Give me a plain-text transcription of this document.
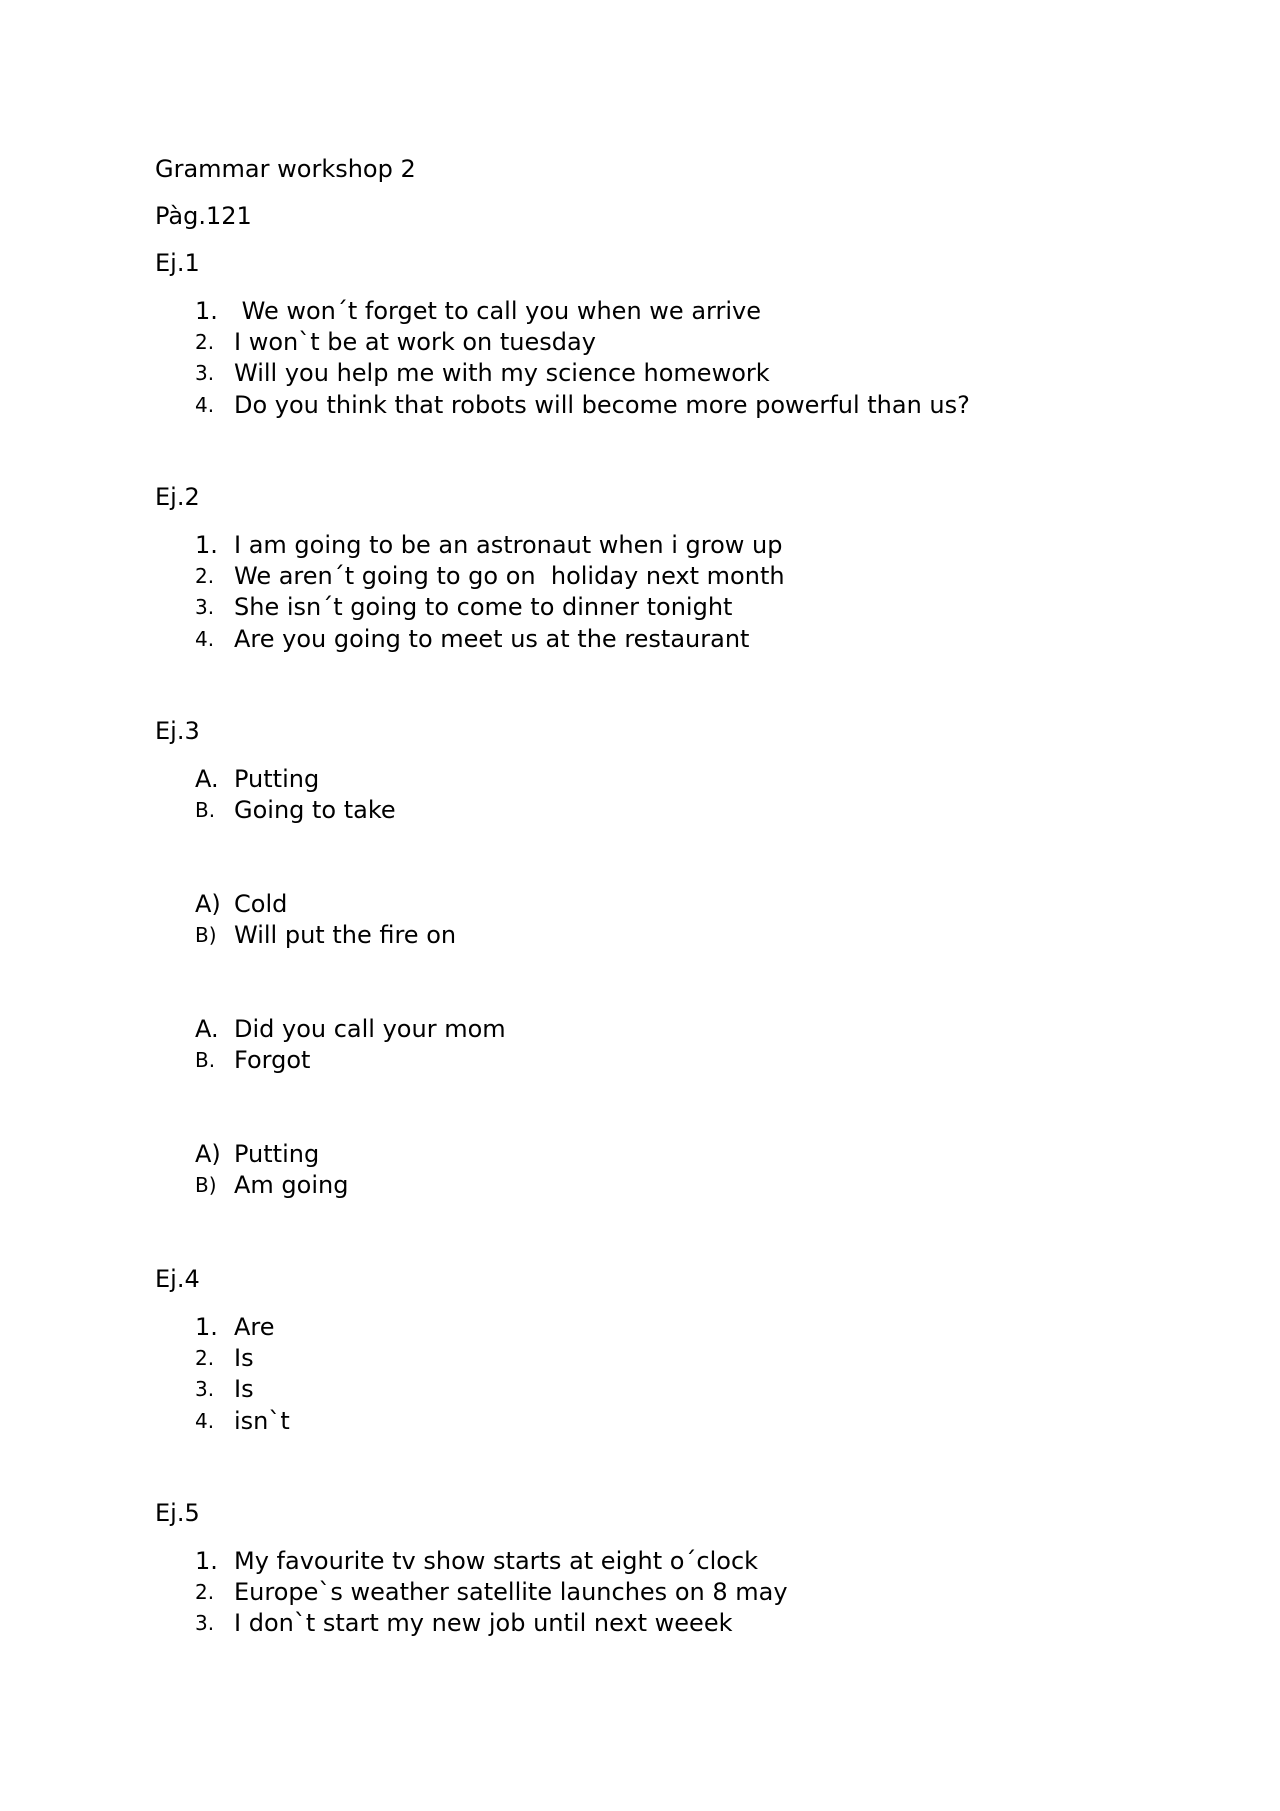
Grammar workshop 2
Pàg.121
Ej.1

1.

We won´t forget to call you when we arrive

2.

I won`t be at work on tuesday

3.

Will you help me with my science homework

4.

Do you think that robots will become more powerful than us?

Ej.2

1.

I am going to be an astronaut when i grow up

2.

We aren´t going to go on  holiday next month

3.

She isn´t going to come to dinner tonight

4.

Are you going to meet us at the restaurant

Ej.3

A.

Putting

B.

Going to take

A)

Cold

B)

Will put the fire on

A.

Did you call your mom

B.

Forgot

A)

Putting

B)

Am going

Ej.4

1.

Are

2.

Is

3.

Is

4.

isn`t

Ej.5

1.

My favourite tv show starts at eight o´clock

2.

Europe`s weather satellite launches on 8 may

3.

I don`t start my new job until next weeek
